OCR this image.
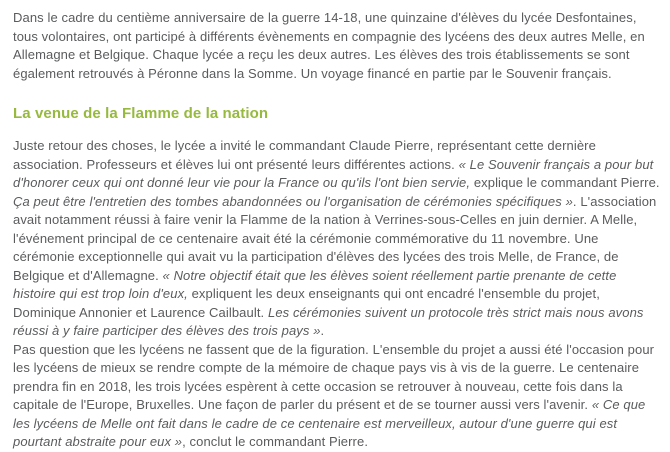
Dans le cadre du centième anniversaire de la guerre 14-18, une quinzaine d'élèves du lycée Desfontaines, tous volontaires, ont participé à différents évènements en compagnie des lycéens des deux autres Melle, en Allemagne et Belgique. Chaque lycée a reçu les deux autres. Les élèves des trois établissements se sont également retrouvés à Péronne dans la Somme. Un voyage financé en partie par le Souvenir français.

La venue de la Flamme de la nation

Juste retour des choses, le lycée a invité le commandant Claude Pierre, représentant cette dernière association. Professeurs et élèves lui ont présenté leurs différentes actions. « Le Souvenir français a pour but d'honorer ceux qui ont donné leur vie pour la France ou qu'ils l'ont bien servie, explique le commandant Pierre. Ça peut être l'entretien des tombes abandonnées ou l'organisation de cérémonies spécifiques ». L'association avait notamment réussi à faire venir la Flamme de la nation à Verrines-sous-Celles en juin dernier. A Melle, l'événement principal de ce centenaire avait été la cérémonie commémorative du 11 novembre. Une cérémonie exceptionnelle qui avait vu la participation d'élèves des lycées des trois Melle, de France, de Belgique et d'Allemagne. « Notre objectif était que les élèves soient réellement partie prenante de cette histoire qui est trop loin d'eux, expliquent les deux enseignants qui ont encadré l'ensemble du projet, Dominique Annonier et Laurence Cailbault. Les cérémonies suivent un protocole très strict mais nous avons réussi à y faire participer des élèves des trois pays ».

Pas question que les lycéens ne fassent que de la figuration. L'ensemble du projet a aussi été l'occasion pour les lycéens de mieux se rendre compte de la mémoire de chaque pays vis à vis de la guerre. Le centenaire prendra fin en 2018, les trois lycées espèrent à cette occasion se retrouver à nouveau, cette fois dans la capitale de l'Europe, Bruxelles. Une façon de parler du présent et de se tourner aussi vers l'avenir. « Ce que les lycéens de Melle ont fait dans le cadre de ce centenaire est merveilleux, autour d'une guerre qui est pourtant abstraite pour eux », conclut le commandant Pierre.
